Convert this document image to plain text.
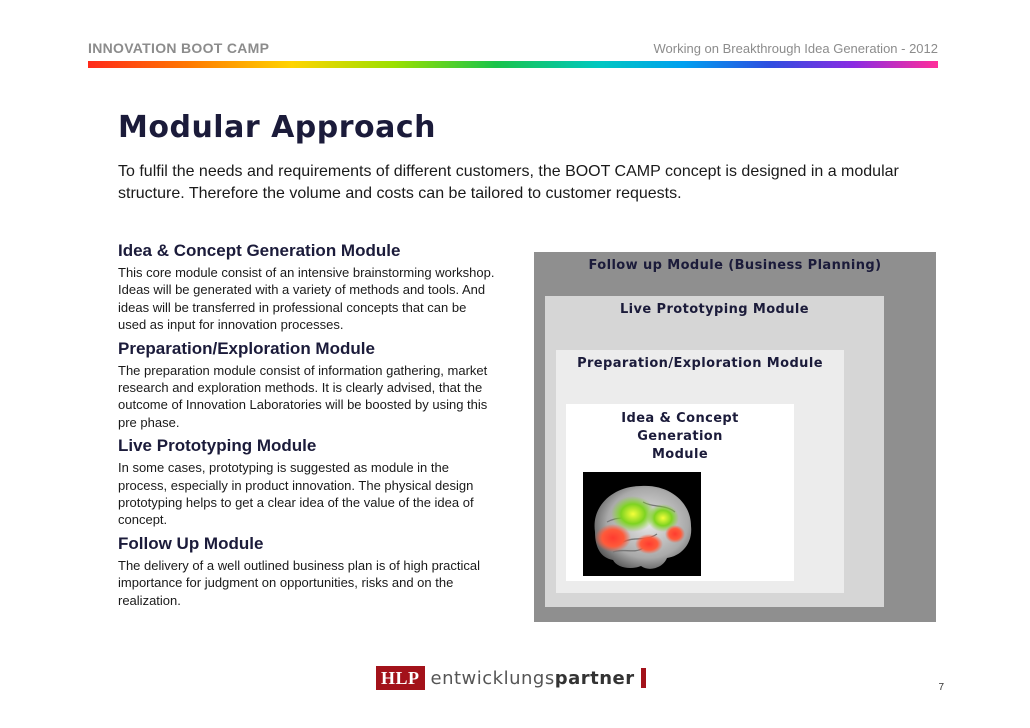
INNOVATION BOOT CAMP	Working on Breakthrough Idea Generation - 2012
Modular Approach

To fulfil the needs and requirements of different customers, the BOOT CAMP concept is designed in a modular structure. Therefore the volume and costs can be tailored to customer requests.

Idea & Concept Generation Module

This core module consist of an intensive brainstorming workshop. Ideas will be generated with a variety of methods and tools. And ideas will be transferred in professional concepts that can be used as input for innovation processes.

Preparation/Exploration Module

The preparation module consist of information gathering, market research and exploration methods. It is clearly advised, that the outcome of Innovation Laboratories will be boosted by using this pre phase.

Live Prototyping Module

In some cases, prototyping is suggested as module in the process, especially in product innovation. The physical design prototyping helps to get a clear idea of the value of the idea of concept.

Follow Up Module

The delivery of a well outlined business plan is of high practical importance for judgment on opportunities, risks and on the realization.

Follow up Module (Business Planning)
Live Prototyping Module
Preparation/Exploration Module
Idea & Concept
Generation
Module
HLP entwicklungspartner	7
